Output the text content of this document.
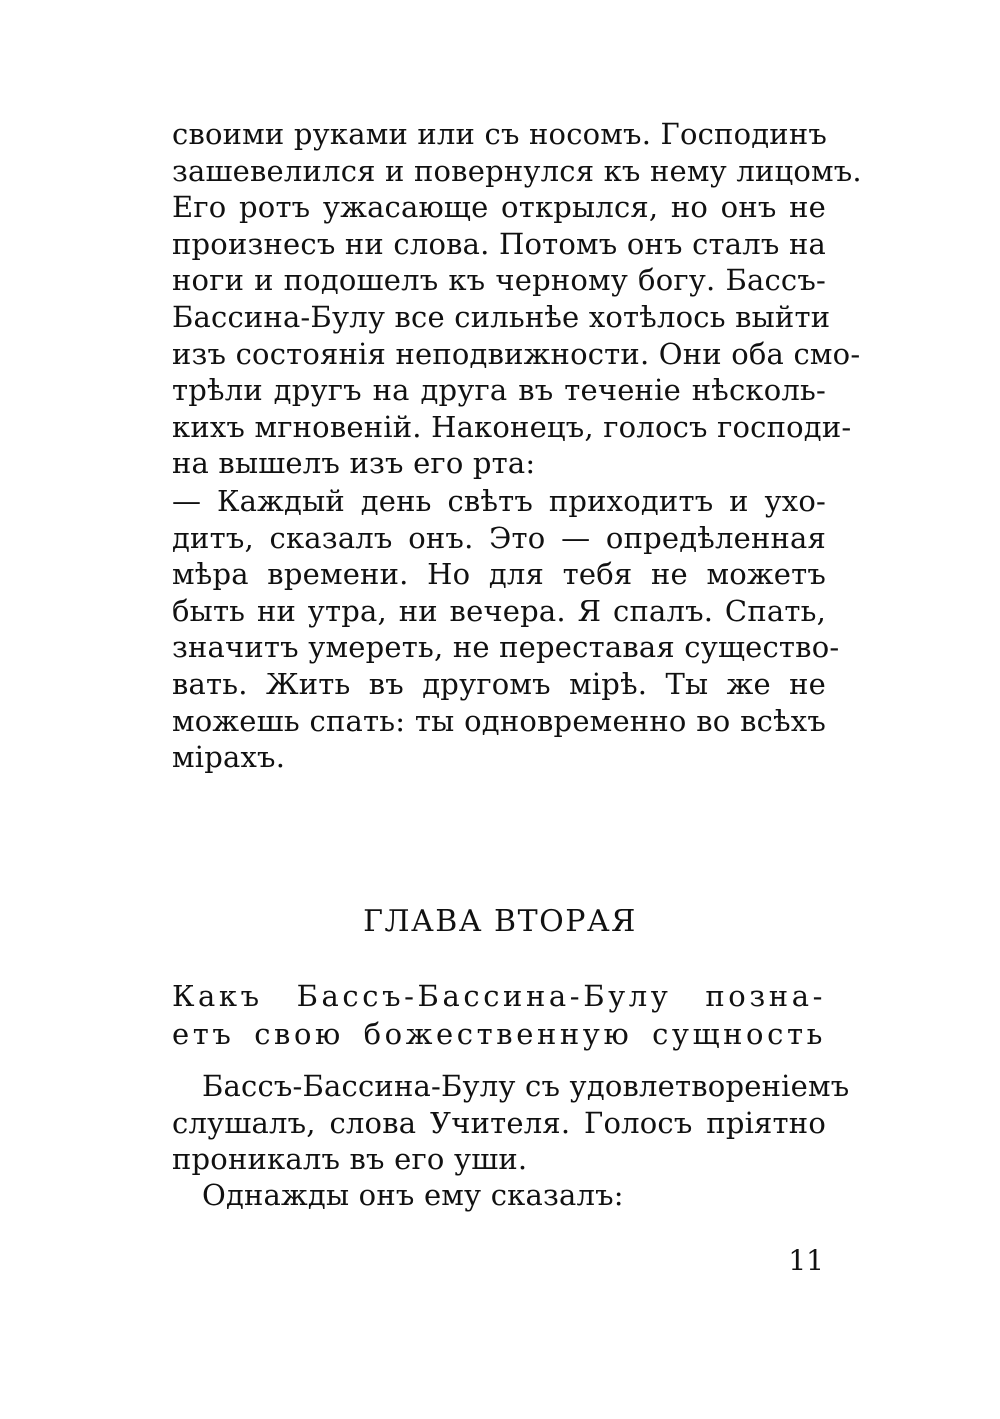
своими руками или съ носомъ. Господинъ
зашевелился и повернулся къ нему лицомъ.
Его ротъ ужасающе открылся, но онъ не
произнесъ ни слова. Потомъ онъ сталъ на
ноги и подошелъ къ черному богу. Бассъ-
Бассина-Булу все сильнѣе хотѣлось выйти
изъ состоянія неподвижности. Они оба смо-
трѣли другъ на друга въ теченіе нѣсколь-
кихъ мгновеній. Наконецъ, голосъ господи-
на вышелъ изъ его рта:
— Каждый день свѣтъ приходитъ и ухо-
дитъ, сказалъ онъ. Это — опредѣленная
мѣра времени. Но для тебя не можетъ
быть ни утра, ни вечера. Я спалъ. Спать,
значитъ умереть, не переставая существо-
вать. Жить въ другомъ мірѣ. Ты же не
можешь спать: ты одновременно во всѣхъ
мірахъ.
ГЛАВА ВТОРАЯ
Какъ Бассъ-Бассина-Булу позна-
етъ свою божественную сущность
Бассъ-Бассина-Булу съ удовлетвореніемъ
слушалъ, слова Учителя. Голосъ пріятно
проникалъ въ его уши.
Однажды онъ ему сказалъ:
11
